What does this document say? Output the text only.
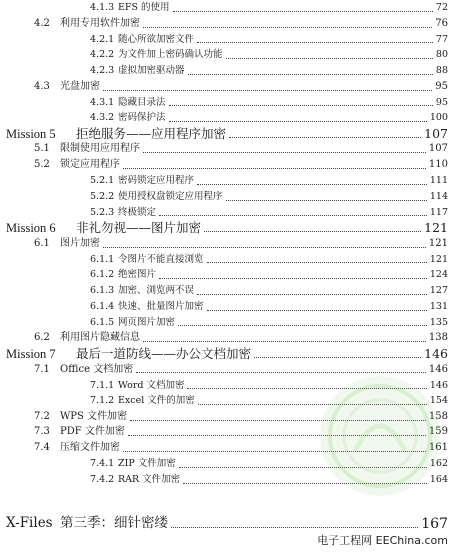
4.1.3 EFS 的使用	72
4.2 利用专用软件加密	76
4.2.1 随心所欲加密文件	77
4.2.2 为文件加上密码确认功能	80
4.2.3 虚拟加密驱动器	88
4.3 光盘加密	95
4.3.1 隐藏目录法	95
4.3.2 密码保护法	100
Mission 5 拒绝服务——应用程序加密	107
5.1 限制使用应用程序	107
5.2 锁定应用程序	110
5.2.1 密码锁定应用程序	111
5.2.2 使用授权盘锁定应用程序	114
5.2.3 终极锁定	117
Mission 6 非礼勿视——图片加密	121
6.1 图片加密	121
6.1.1 令图片不能直接浏览	121
6.1.2 绝密图片	124
6.1.3 加密、浏览两不误	127
6.1.4 快速、批量图片加密	131
6.1.5 网页图片加密	135
6.2 利用图片隐藏信息	138
Mission 7 最后一道防线——办公文档加密	146
7.1 Office 文档加密	146
7.1.1 Word 文档加密	146
7.1.2 Excel 文件的加密	154
7.2 WPS 文件加密	158
7.3 PDF 文件加密	159
7.4 压缩文件加密	161
7.4.1 ZIP 文件加密	162
7.4.2 RAR 文件加密	164
X-Files 第三季：细针密缕	167
电子工程网 EEChina.com
